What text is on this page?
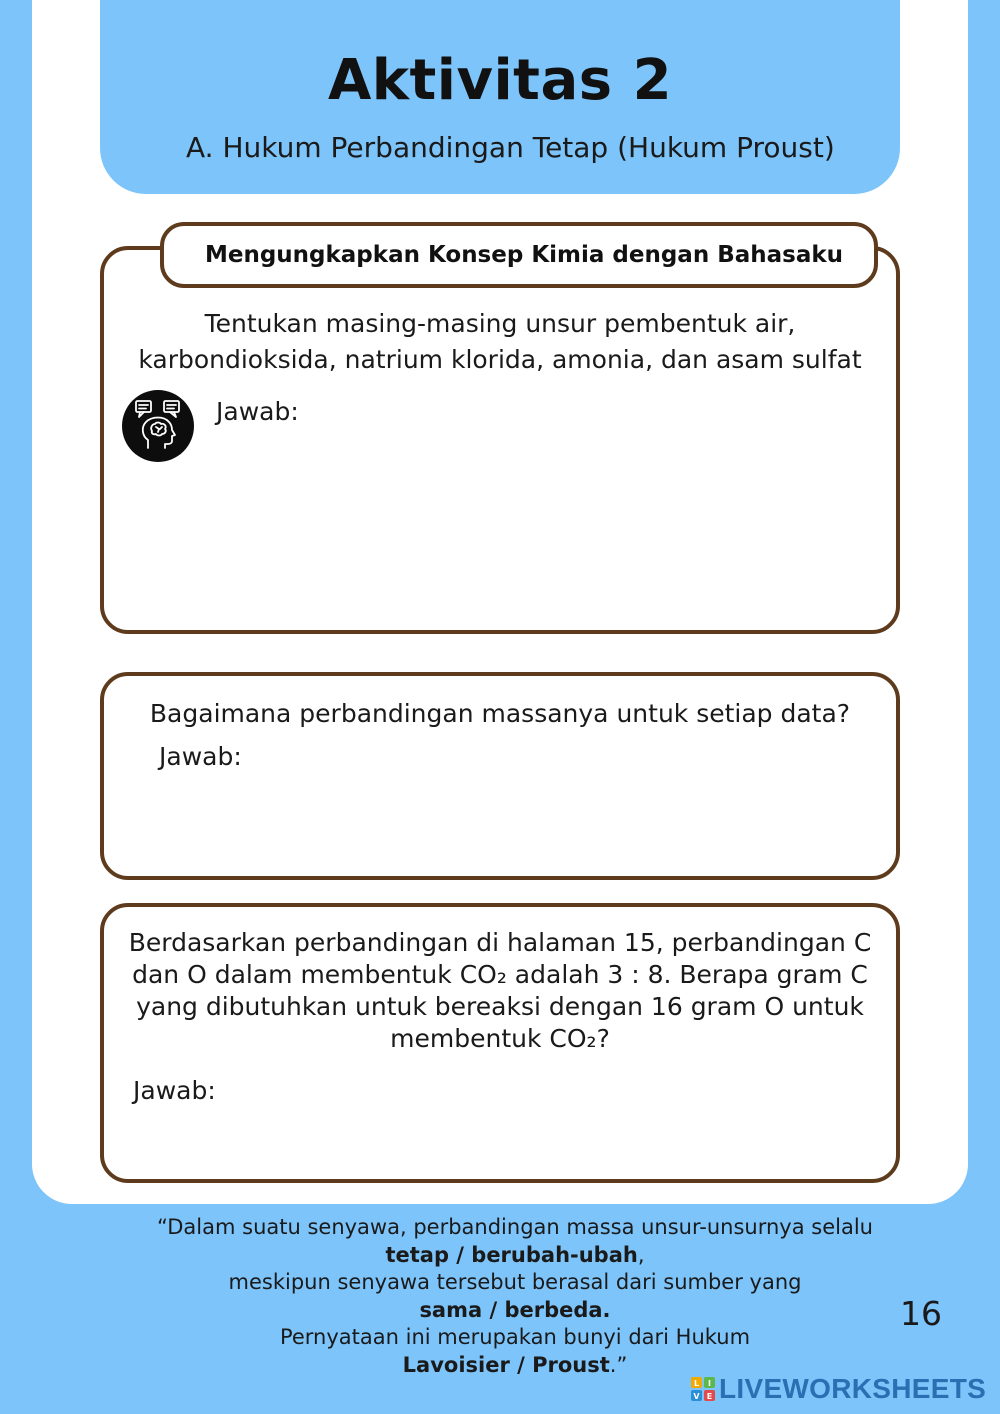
Aktivitas 2
A. Hukum Perbandingan Tetap (Hukum Proust)
Mengungkapkan Konsep Kimia dengan Bahasaku
Tentukan masing-masing unsur pembentuk air,
karbondioksida, natrium klorida, amonia, dan asam sulfat
Jawab:
Bagaimana perbandingan massanya untuk setiap data?
Jawab:
Berdasarkan perbandingan di halaman 15, perbandingan C
dan O dalam membentuk CO₂ adalah 3 : 8. Berapa gram C
yang dibutuhkan untuk bereaksi dengan 16 gram O untuk
membentuk CO₂?
Jawab:
“Dalam suatu senyawa, perbandingan massa unsur-unsurnya selalu
tetap / berubah-ubah,
meskipun senyawa tersebut berasal dari sumber yang
sama / berbeda.
Pernyataan ini merupakan bunyi dari Hukum
Lavoisier / Proust.”
16
L I
V E LIVEWORKSHEETS
